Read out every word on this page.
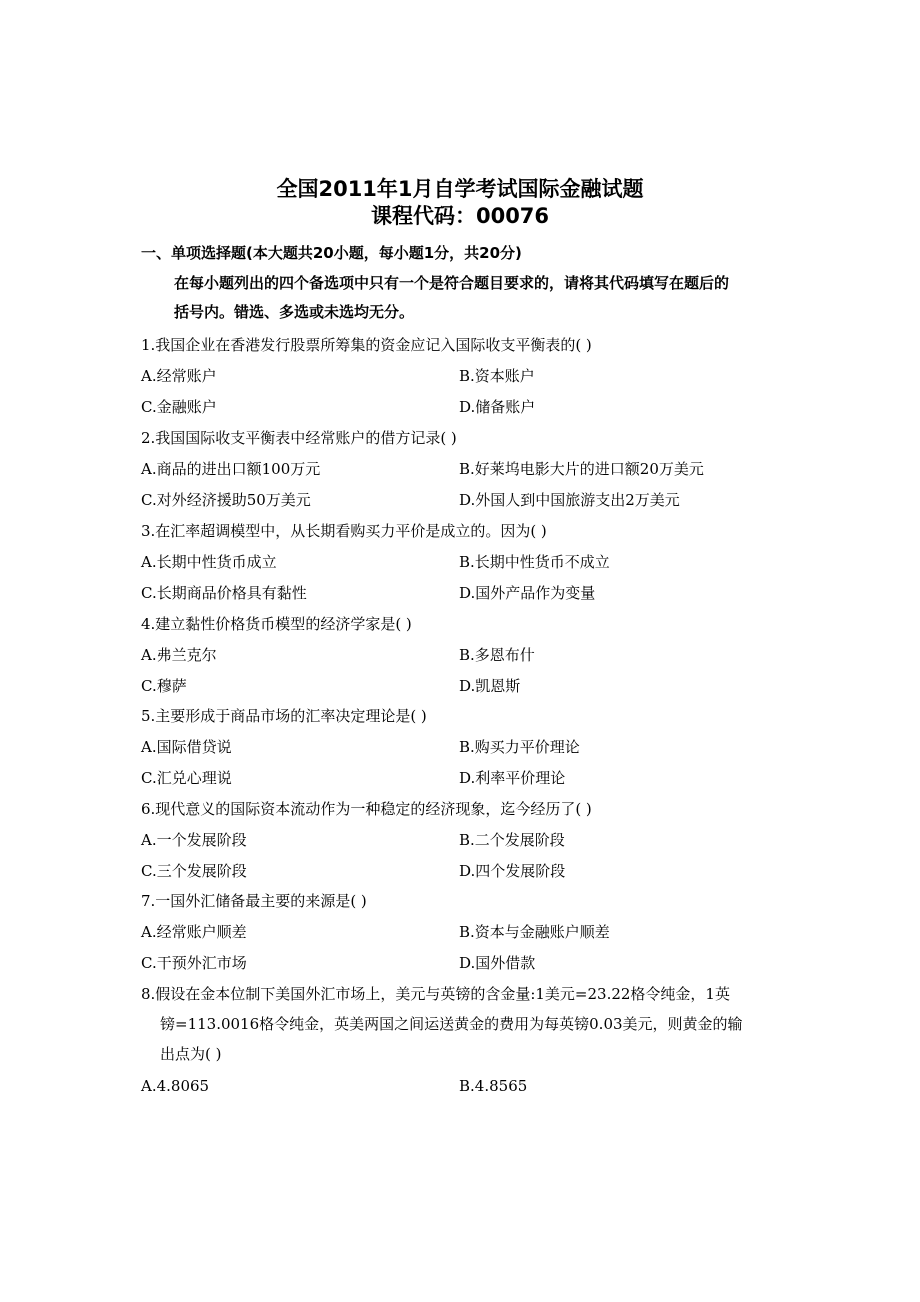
全国2011年1月自学考试国际金融试题
课程代码：00076
一、单项选择题(本大题共20小题，每小题1分，共20分)
在每小题列出的四个备选项中只有一个是符合题目要求的，请将其代码填写在题后的
括号内。错选、多选或未选均无分。
1.我国企业在香港发行股票所筹集的资金应记入国际收支平衡表的( )
A.经常账户	B.资本账户
C.金融账户	D.储备账户
2.我国国际收支平衡表中经常账户的借方记录( )
A.商品的进出口额100万元	B.好莱坞电影大片的进口额20万美元
C.对外经济援助50万美元	D.外国人到中国旅游支出2万美元
3.在汇率超调模型中，从长期看购买力平价是成立的。因为( )
A.长期中性货币成立	B.长期中性货币不成立
C.长期商品价格具有黏性	D.国外产品作为变量
4.建立黏性价格货币模型的经济学家是( )
A.弗兰克尔	B.多恩布什
C.穆萨	D.凯恩斯
5.主要形成于商品市场的汇率决定理论是( )
A.国际借贷说	B.购买力平价理论
C.汇兑心理说	D.利率平价理论
6.现代意义的国际资本流动作为一种稳定的经济现象，迄今经历了( )
A.一个发展阶段	B.二个发展阶段
C.三个发展阶段	D.四个发展阶段
7.一国外汇储备最主要的来源是( )
A.经常账户顺差	B.资本与金融账户顺差
C.干预外汇市场	D.国外借款
8.假设在金本位制下美国外汇市场上，美元与英镑的含金量:1美元=23.22格令纯金，1英
镑=113.0016格令纯金，英美两国之间运送黄金的费用为每英镑0.03美元，则黄金的输
出点为( )
A.4.8065	B.4.8565
